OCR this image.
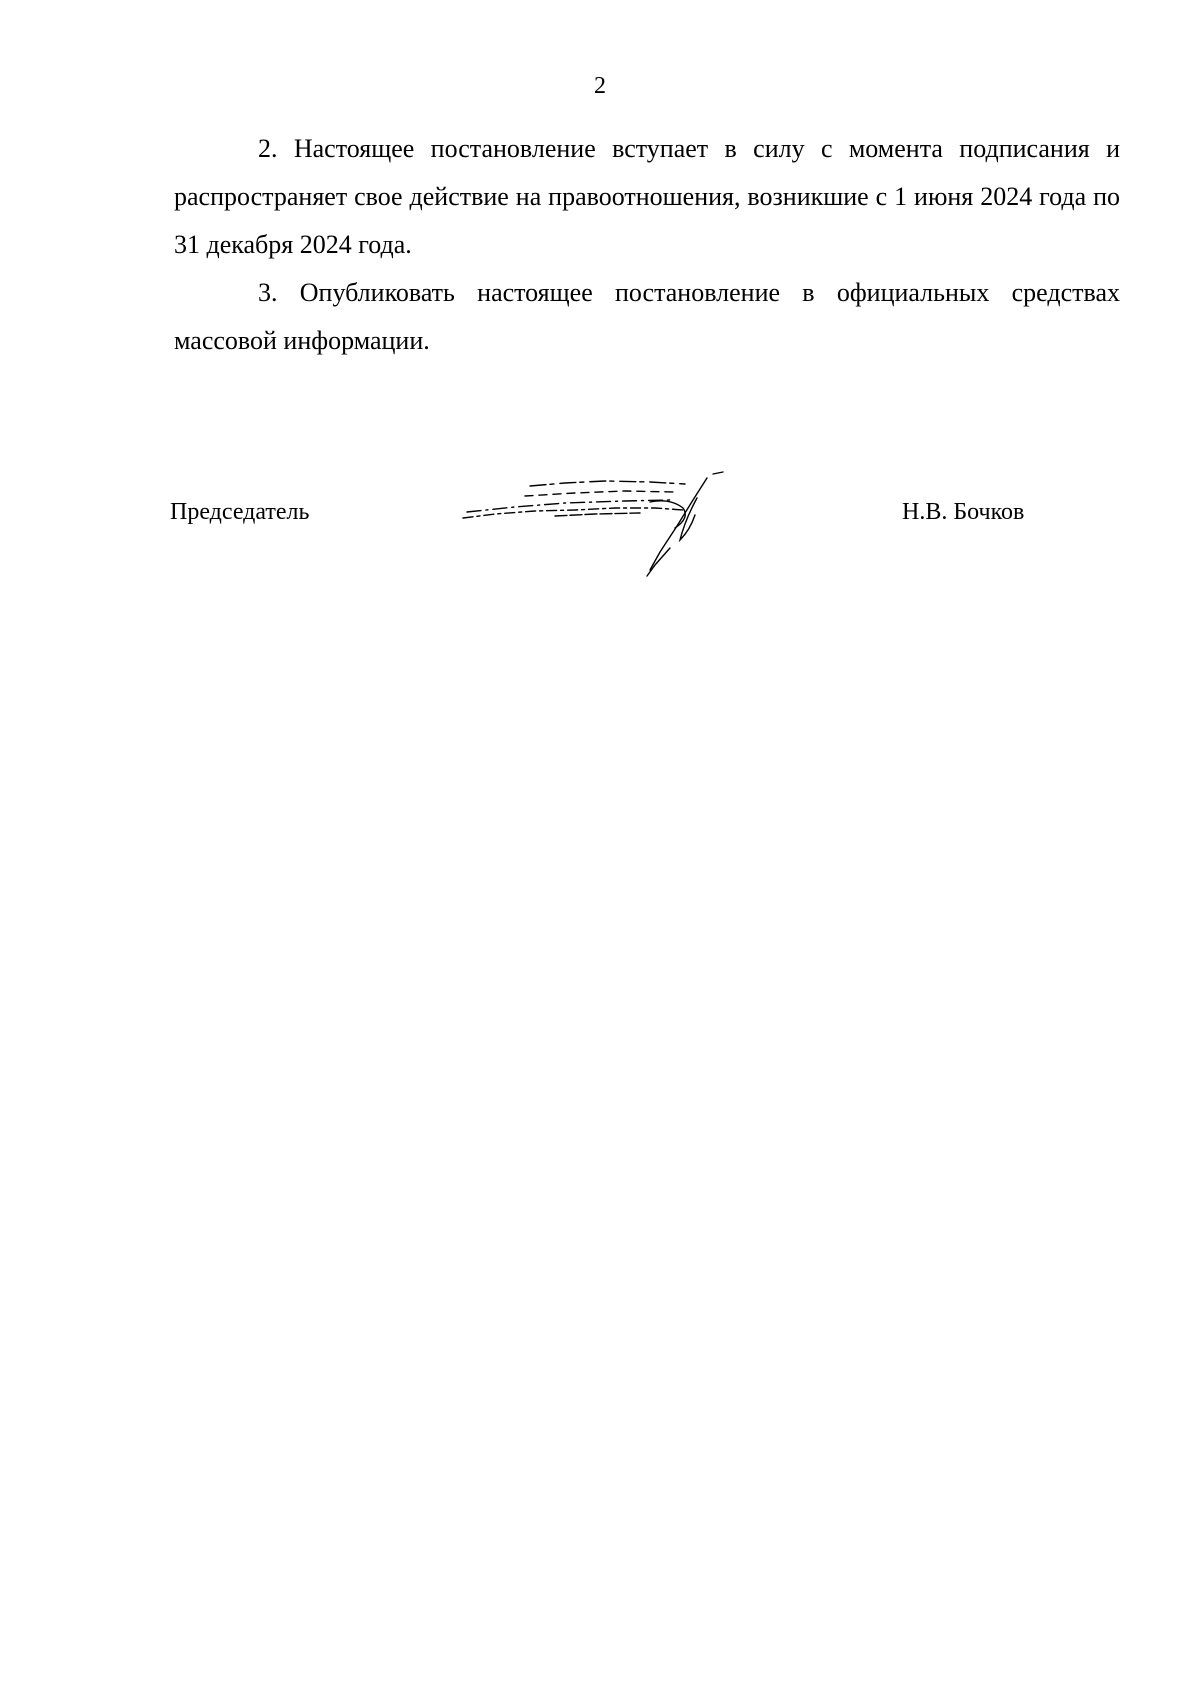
2

2. Настоящее постановление вступает в силу с момента подписания и распространяет свое действие на правоотношения, возникшие с 1 июня 2024 года по 31 декабря 2024 года.

3. Опубликовать настоящее постановление в официальных средствах массовой информации.

Председатель	Н.В. Бочков
